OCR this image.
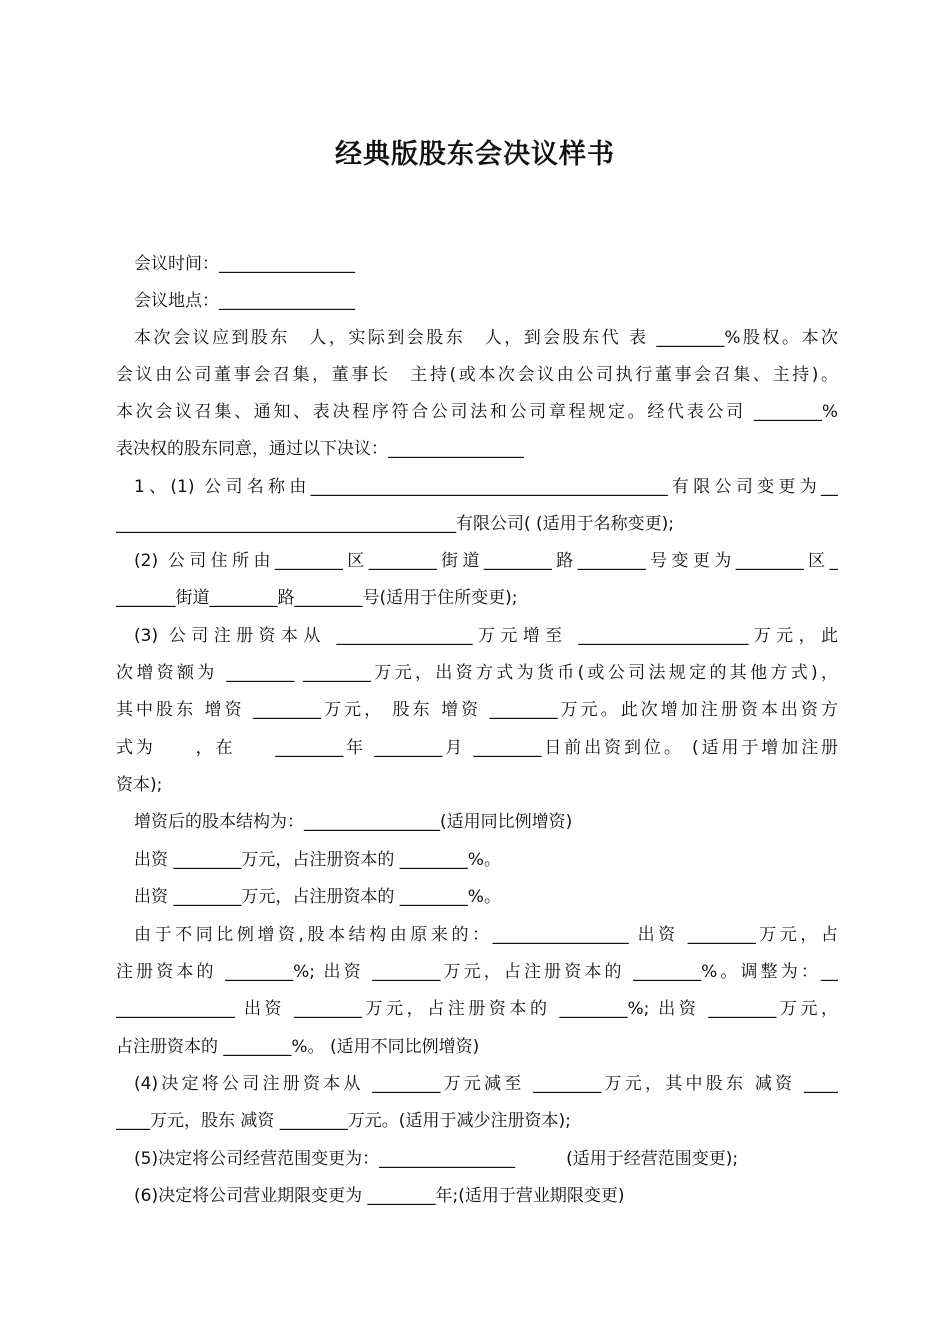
经典版股东会决议样书
会议时间：________________
会议地点：________________
本次会议应到股东　人，实际到会股东　人，到会股东代 表 ________%股权。本次
会议由公司董事会召集，董事长　主持(或本次会议由公司执行董事会召集、主持)。
本次会议召集、通知、表决程序符合公司法和公司章程规定。经代表公司 ________%
表决权的股东同意，通过以下决议：________________
1、(1) 公司名称由__________________________________________有限公司变更为__
________________________________________有限公司( (适用于名称变更);
(2) 公司住所由________区________街道________路________号变更为________区_
_______街道________路________号(适用于住所变更);
(3) 公司注册资本从 ________________万元增至 ____________________万元，此
次增资额为 ________ ________万元，出资方式为货币(或公司法规定的其他方式)，
其中股东 增资 ________万元， 股东 增资 ________万元。此次增加注册资本出资方
式为　　，在　　________年 ________月 ________日前出资到位。 (适用于增加注册
资本);
增资后的股本结构为：________________(适用同比例增资)
出资 ________万元，占注册资本的 ________%。
出资 ________万元，占注册资本的 ________%。
由于不同比例增资,股本结构由原来的：________________ 出资 ________万元，占
注册资本的 ________%; 出资 ________万元，占注册资本的 ________%。调整为：__
______________ 出资 ________万元，占注册资本的 ________%; 出资 ________万元，
占注册资本的 ________%。 (适用不同比例增资)
(4)决定将公司注册资本从 ________万元减至 ________万元，其中股东 减资 ____
____万元，股东 减资 ________万元。(适用于减少注册资本);
(5)决定将公司经营范围变更为：________________　　　(适用于经营范围变更);
(6)决定将公司营业期限变更为 ________年;(适用于营业期限变更)
